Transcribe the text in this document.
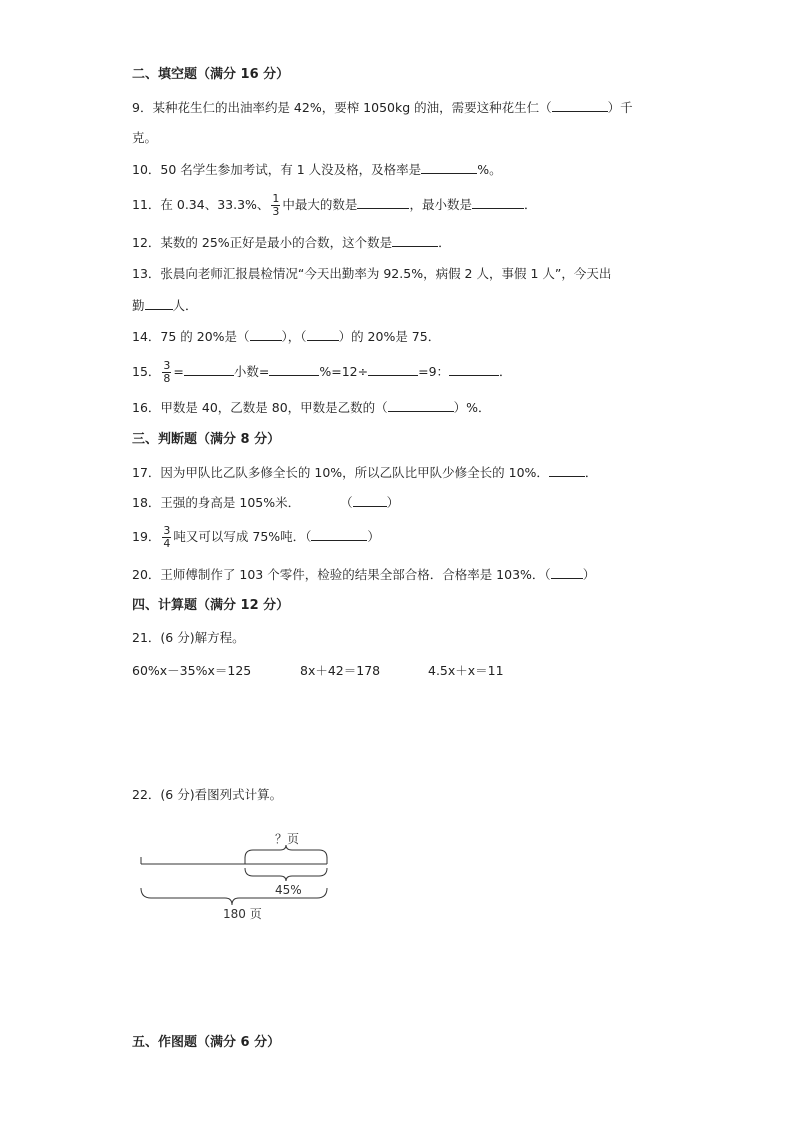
二、填空题（满分 16 分）
9．某种花生仁的出油率约是 42%，要榨 1050kg 的油，需要这种花生仁（	）千
克。
10．50 名学生参加考试，有 1 人没及格，及格率是	%。
11．在 0.34、33.3%、 $\frac{1}{3}$ 中最大的数是	，最小数是	．
12．某数的 25%正好是最小的合数，这个数是	．
13．张晨向老师汇报晨检情况“今天出勤率为 92.5%，病假 2 人，事假 1 人”，今天出
勤 人．
14．75 的 20%是（	），（	）的 20%是 75．
15． $\frac{3}{8}$ =	小数=	%=12÷	=9：	．
16．甲数是 40，乙数是 80，甲数是乙数的（	）%．
三、判断题（满分 8 分）
17．因为甲队比乙队多修全长的 10%，所以乙队比甲队少修全长的 10%．	．
18．王强的身高是 105%米．	（	）
19． $\frac{3}{4}$ 吨又可以写成 75%吨．（	）
20．王师傅制作了 103 个零件，检验的结果全部合格．合格率是 103%．（	）
四、计算题（满分 12 分）
21．(6 分)解方程。
60%x－35%x＝125	8x＋42＝178	4.5x＋x＝11
22．(6 分)看图列式计算。
？页
45%
180 页
五、作图题（满分 6 分）
